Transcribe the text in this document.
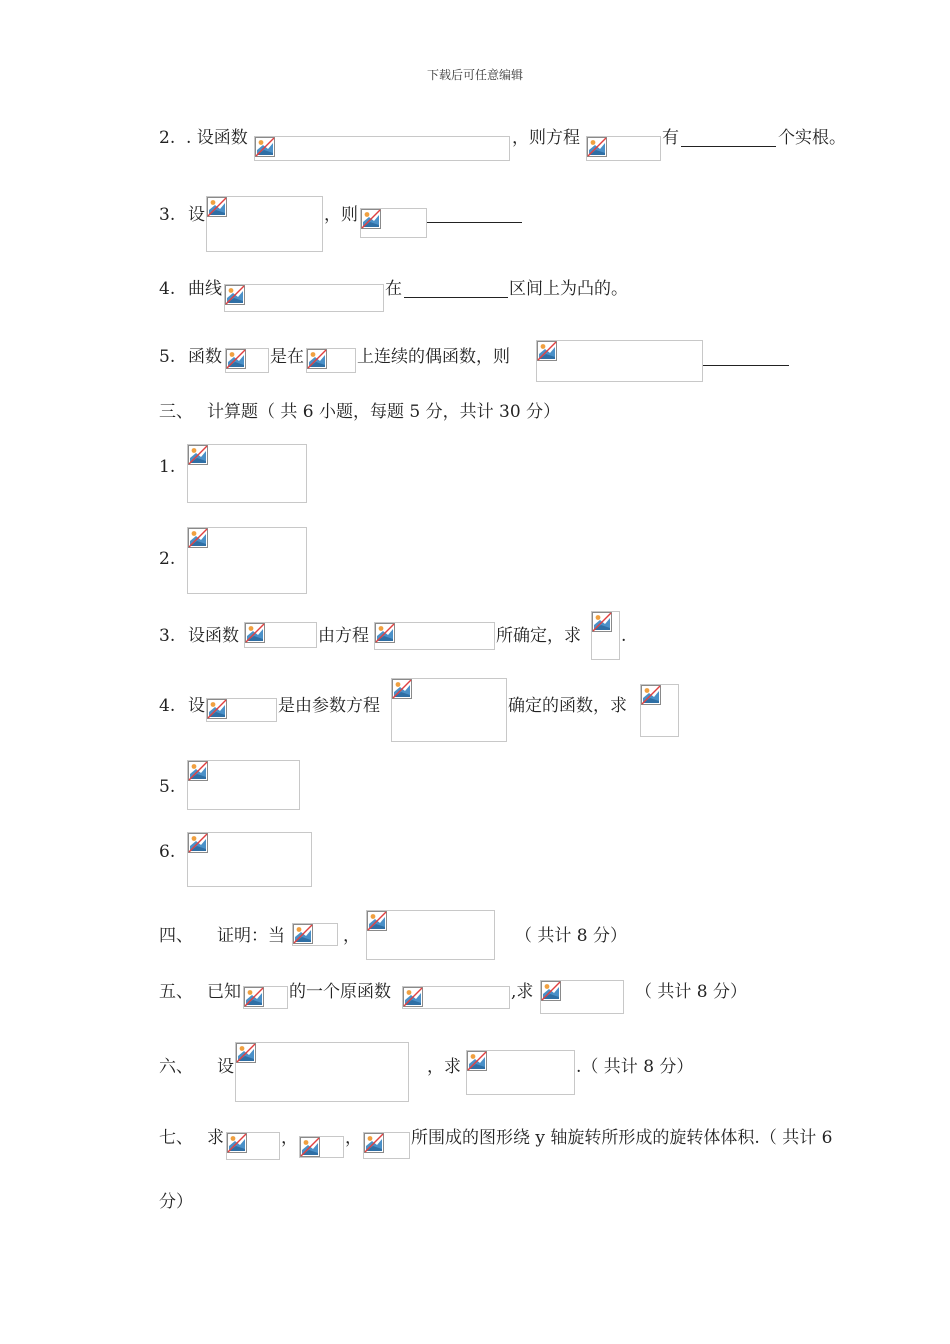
下载后可任意编辑
2. . 设函数	，则方程	有	个实根。
3. 设	，则
4. 曲线	在	区间上为凸的。
5. 函数	是在	上连续的偶函数，则
三、 计算题（ 共 6 小题，每题 5 分，共计 30 分）
1.
2.
3. 设函数	由方程	所确定，求 .
4. 设	是由参数方程	确定的函数，求
5.
6.
四、 证明：当	，	（ 共计 8 分）
五、 已知	的一个原函数	,求	（ 共计 8 分）
六、 设	，求	.（ 共计 8 分）
七、 求	，	，	所围成的图形绕 y 轴旋转所形成的旋转体体积.（ 共计 6
分）
